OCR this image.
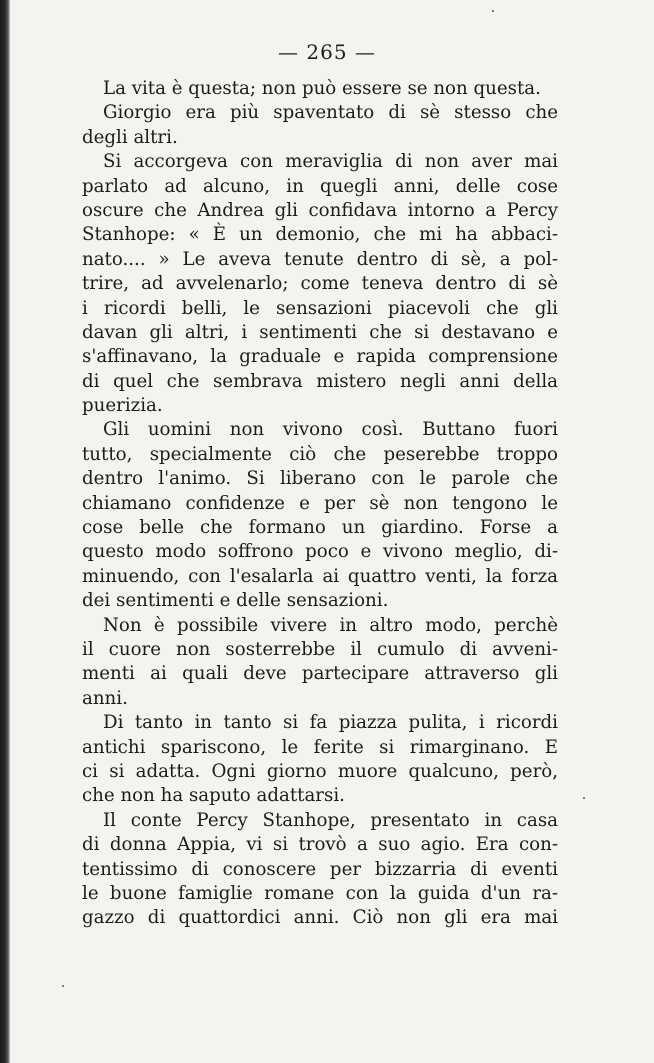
— 265 —
La vita è questa; non può essere se non questa.
Giorgio era più spaventato di sè stesso che
degli altri.
Si accorgeva con meraviglia di non aver mai
parlato ad alcuno, in quegli anni, delle cose
oscure che Andrea gli confidava intorno a Percy
Stanhope: « È un demonio, che mi ha abbaci-
nato.... » Le aveva tenute dentro di sè, a pol-
trire, ad avvelenarlo; come teneva dentro di sè
i ricordi belli, le sensazioni piacevoli che gli
davan gli altri, i sentimenti che si destavano e
s'affinavano, la graduale e rapida comprensione
di quel che sembrava mistero negli anni della
puerizia.
Gli uomini non vivono così. Buttano fuori
tutto, specialmente ciò che peserebbe troppo
dentro l'animo. Si liberano con le parole che
chiamano confidenze e per sè non tengono le
cose belle che formano un giardino. Forse a
questo modo soffrono poco e vivono meglio, di-
minuendo, con l'esalarla ai quattro venti, la forza
dei sentimenti e delle sensazioni.
Non è possibile vivere in altro modo, perchè
il cuore non sosterrebbe il cumulo di avveni-
menti ai quali deve partecipare attraverso gli
anni.
Di tanto in tanto si fa piazza pulita, i ricordi
antichi spariscono, le ferite si rimarginano. E
ci si adatta. Ogni giorno muore qualcuno, però,
che non ha saputo adattarsi.
Il conte Percy Stanhope, presentato in casa
di donna Appia, vi si trovò a suo agio. Era con-
tentissimo di conoscere per bizzarria di eventi
le buone famiglie romane con la guida d'un ra-
gazzo di quattordici anni. Ciò non gli era mai
